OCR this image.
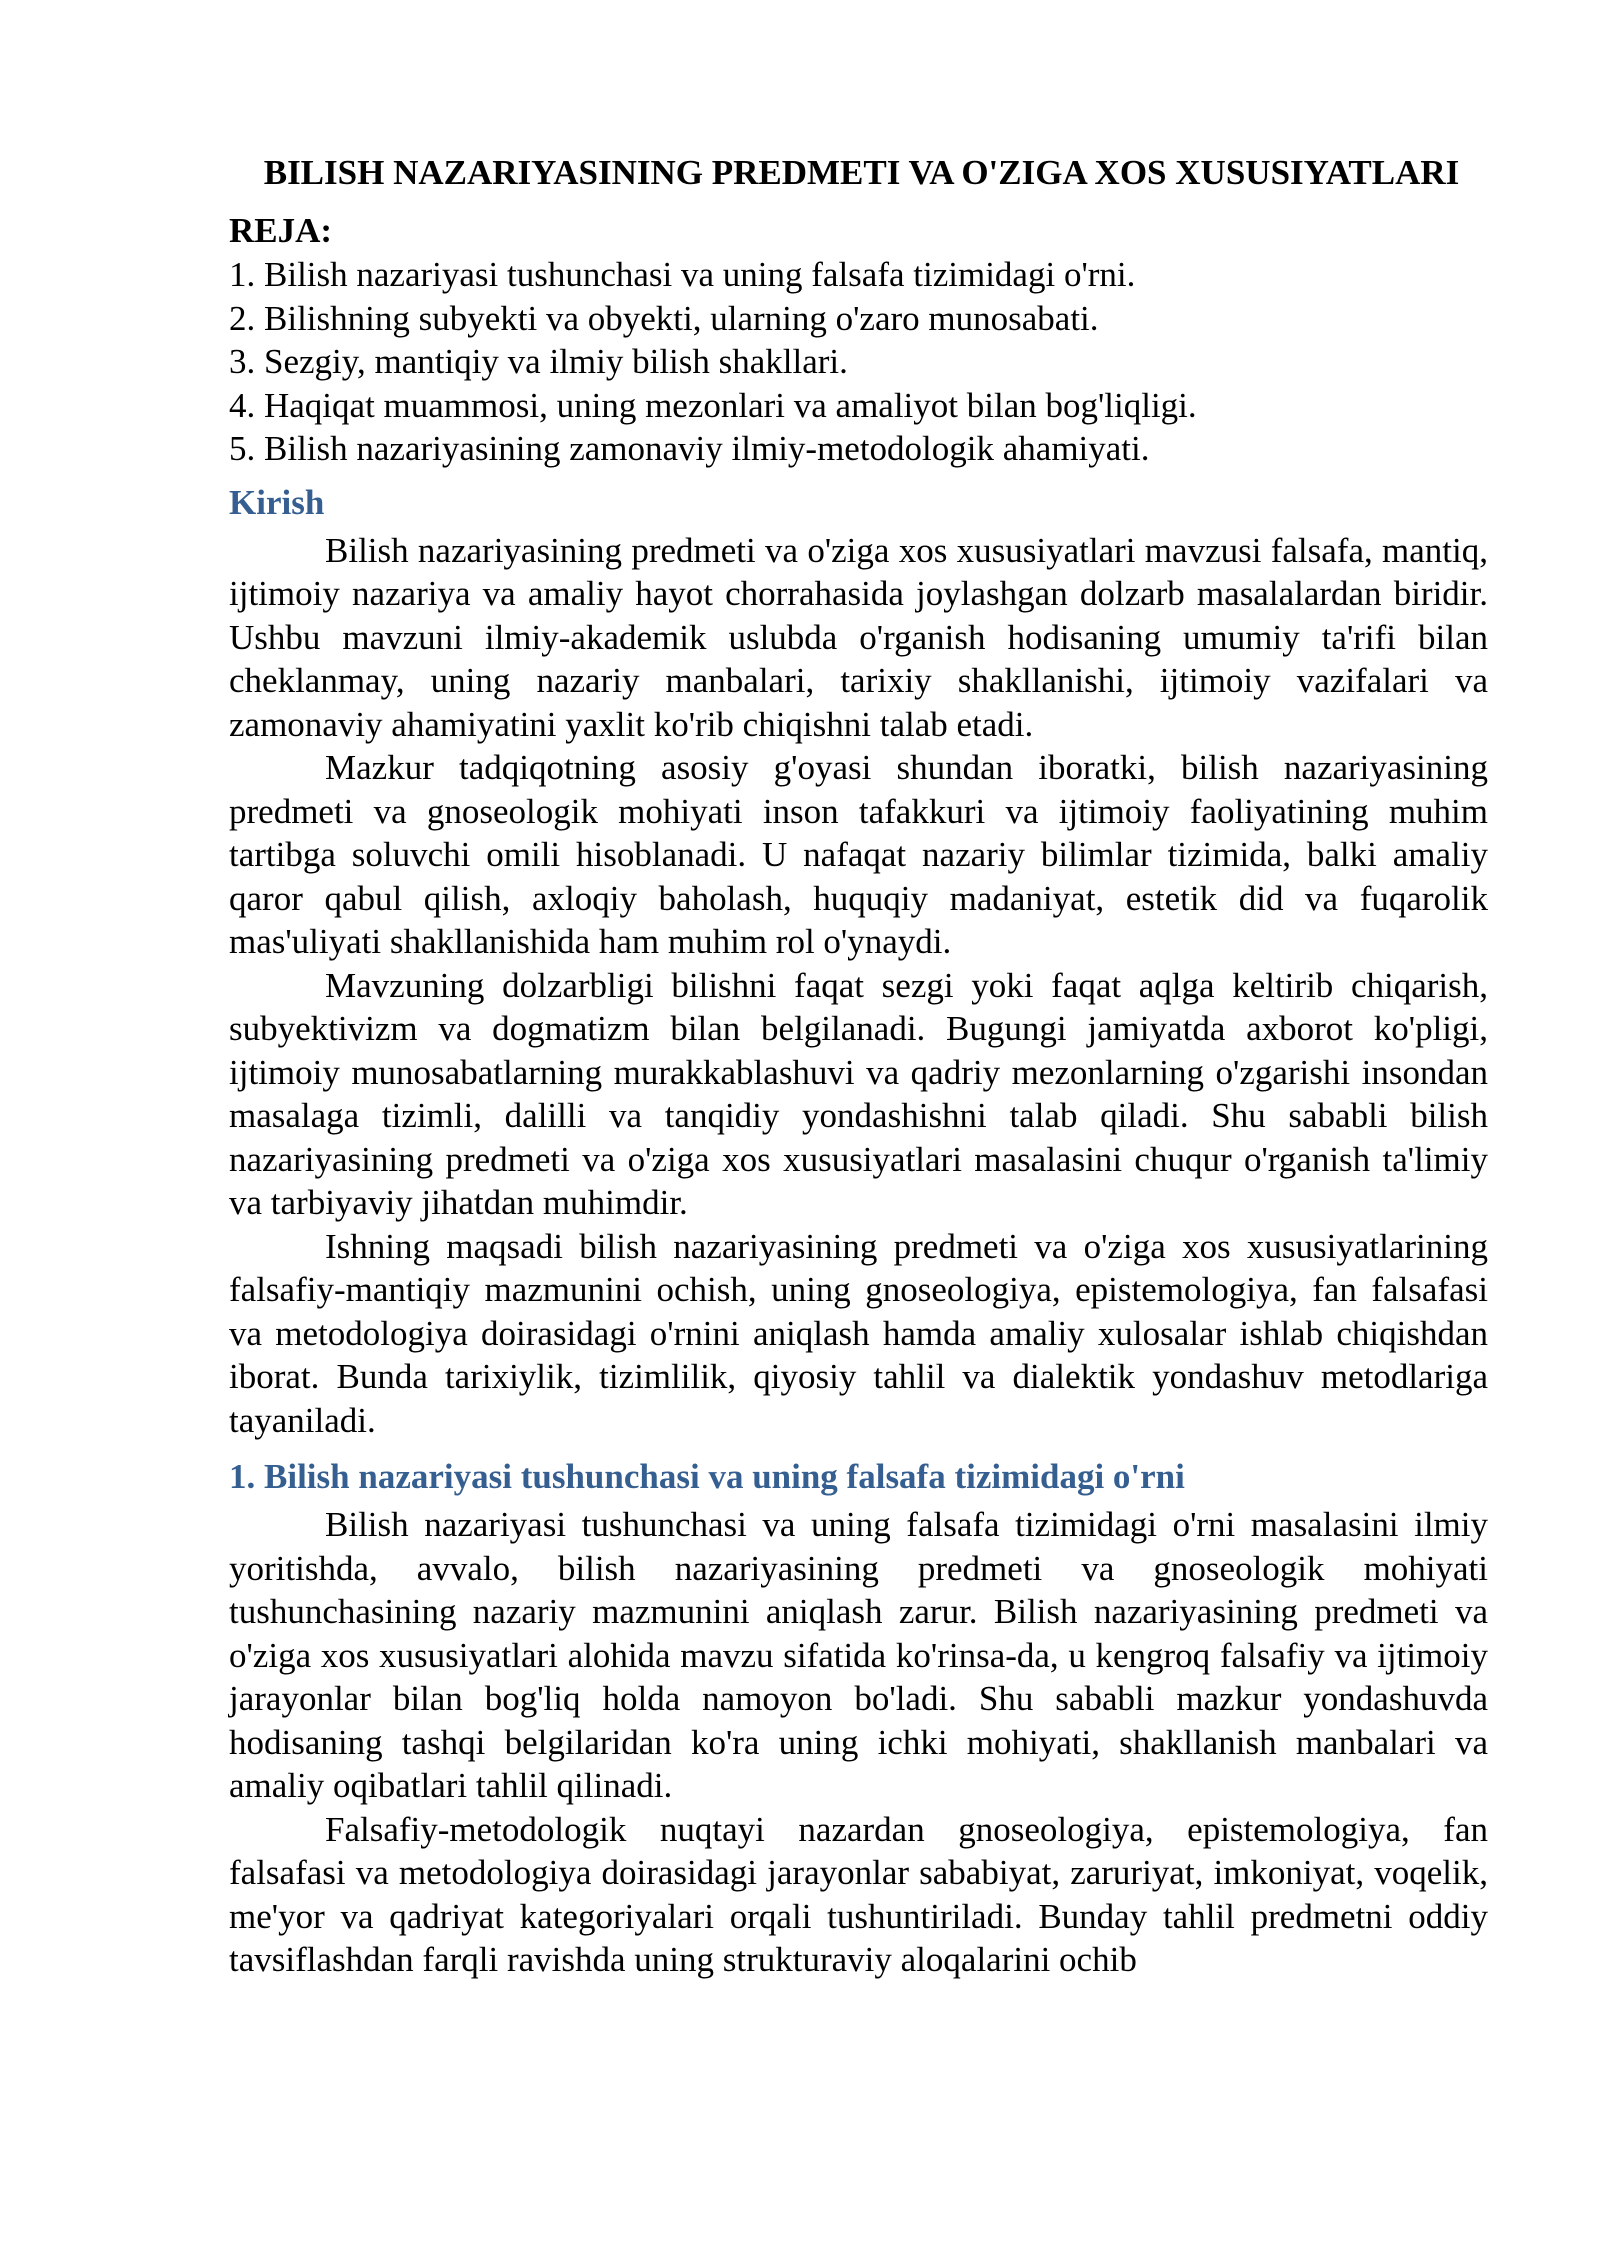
BILISH NAZARIYASINING PREDMETI VA O'ZIGA XOS XUSUSIYATLARI
REJA:
1. Bilish nazariyasi tushunchasi va uning falsafa tizimidagi o'rni.
2. Bilishning subyekti va obyekti, ularning o'zaro munosabati.
3. Sezgiy, mantiqiy va ilmiy bilish shakllari.
4. Haqiqat muammosi, uning mezonlari va amaliyot bilan bog'liqligi.
5. Bilish nazariyasining zamonaviy ilmiy-metodologik ahamiyati.
Kirish

Bilish nazariyasining predmeti va o'ziga xos xususiyatlari mavzusi falsafa, mantiq, ijtimoiy nazariya va amaliy hayot chorrahasida joylashgan dolzarb masalalardan biridir. Ushbu mavzuni ilmiy-akademik uslubda o'rganish hodisaning umumiy ta'rifi bilan cheklanmay, uning nazariy manbalari, tarixiy shakllanishi, ijtimoiy vazifalari va zamonaviy ahamiyatini yaxlit ko'rib chiqishni talab etadi.

Mazkur tadqiqotning asosiy g'oyasi shundan iboratki, bilish nazariyasining predmeti va gnoseologik mohiyati inson tafakkuri va ijtimoiy faoliyatining muhim tartibga soluvchi omili hisoblanadi. U nafaqat nazariy bilimlar tizimida, balki amaliy qaror qabul qilish, axloqiy baholash, huquqiy madaniyat, estetik did va fuqarolik mas'uliyati shakllanishida ham muhim rol o'ynaydi.

Mavzuning dolzarbligi bilishni faqat sezgi yoki faqat aqlga keltirib chiqarish, subyektivizm va dogmatizm bilan belgilanadi. Bugungi jamiyatda axborot ko'pligi, ijtimoiy munosabatlarning murakkablashuvi va qadriy mezonlarning o'zgarishi insondan masalaga tizimli, dalilli va tanqidiy yondashishni talab qiladi. Shu sababli bilish nazariyasining predmeti va o'ziga xos xususiyatlari masalasini chuqur o'rganish ta'limiy va tarbiyaviy jihatdan muhimdir.

Ishning maqsadi bilish nazariyasining predmeti va o'ziga xos xususiyatlarining falsafiy-mantiqiy mazmunini ochish, uning gnoseologiya, epistemologiya, fan falsafasi va metodologiya doirasidagi o'rnini aniqlash hamda amaliy xulosalar ishlab chiqishdan iborat. Bunda tarixiylik, tizimlilik, qiyosiy tahlil va dialektik yondashuv metodlariga tayaniladi.

1. Bilish nazariyasi tushunchasi va uning falsafa tizimidagi o'rni

Bilish nazariyasi tushunchasi va uning falsafa tizimidagi o'rni masalasini ilmiy yoritishda, avvalo, bilish nazariyasining predmeti va gnoseologik mohiyati tushunchasining nazariy mazmunini aniqlash zarur. Bilish nazariyasining predmeti va o'ziga xos xususiyatlari alohida mavzu sifatida ko'rinsa-da, u kengroq falsafiy va ijtimoiy jarayonlar bilan bog'liq holda namoyon bo'ladi. Shu sababli mazkur yondashuvda hodisaning tashqi belgilaridan ko'ra uning ichki mohiyati, shakllanish manbalari va amaliy oqibatlari tahlil qilinadi.

Falsafiy-metodologik nuqtayi nazardan gnoseologiya, epistemologiya, fan falsafasi va metodologiya doirasidagi jarayonlar sababiyat, zaruriyat, imkoniyat, voqelik, me'yor va qadriyat kategoriyalari orqali tushuntiriladi. Bunday tahlil predmetni oddiy tavsiflashdan farqli ravishda uning strukturaviy aloqalarini ochib
